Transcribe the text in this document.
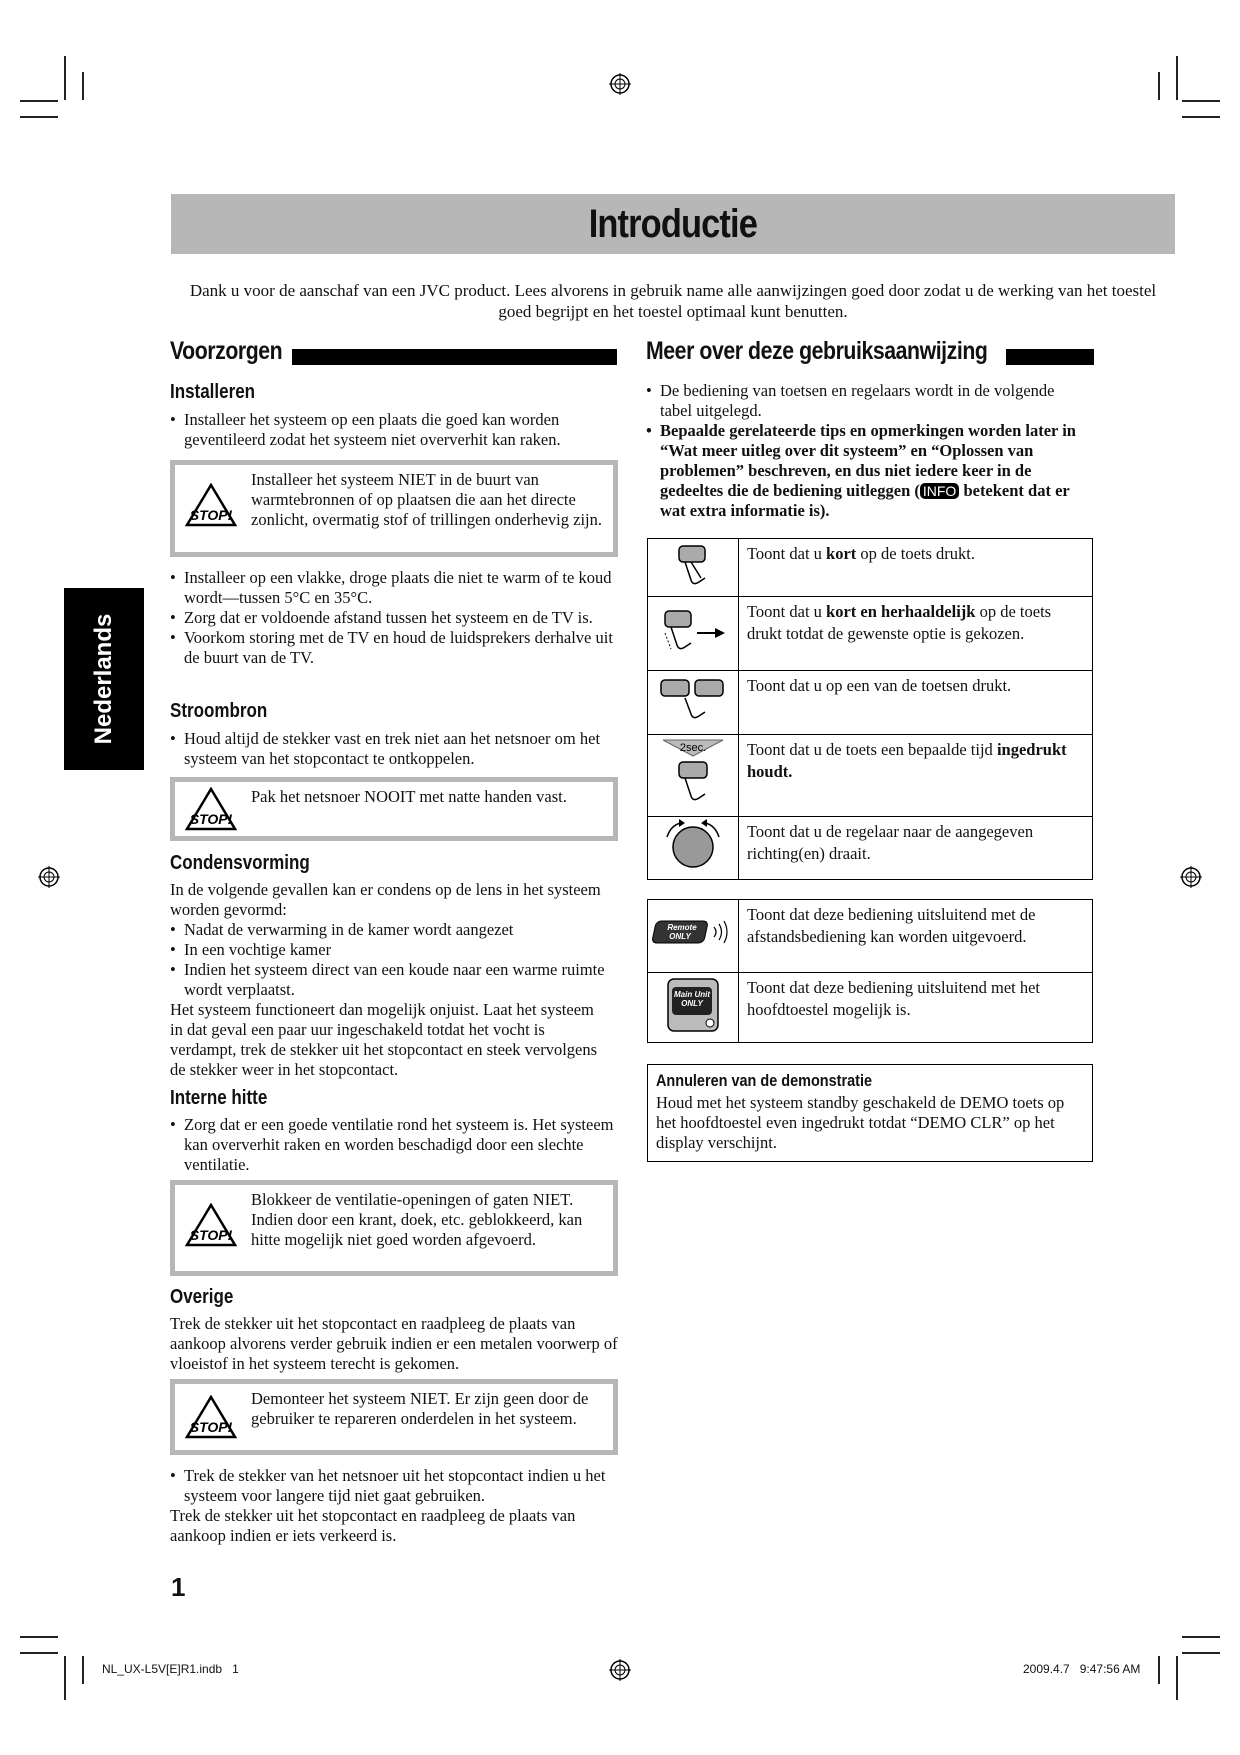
Introductie
Dank u voor de aanschaf van een JVC product. Lees alvorens in gebruik name alle aanwijzingen goed door zodat u de werking van het toestel goed begrijpt en het toestel optimaal kunt benutten.
Nederlands
Voorzorgen
Installeren
• Installeer het systeem op een plaats die goed kan worden geventileerd zodat het systeem niet oververhit kan raken.
STOP!
Installeer het systeem NIET in de buurt van warmtebronnen of op plaatsen die aan het directe zonlicht, overmatig stof of trillingen onderhevig zijn.
• Installeer op een vlakke, droge plaats die niet te warm of te koud wordt—tussen 5°C en 35°C.
• Zorg dat er voldoende afstand tussen het systeem en de TV is.
• Voorkom storing met de TV en houd de luidsprekers derhalve uit de buurt van de TV.
Stroombron
• Houd altijd de stekker vast en trek niet aan het netsnoer om het systeem van het stopcontact te ontkoppelen.
STOP!
Pak het netsnoer NOOIT met natte handen vast.
Condensvorming
In de volgende gevallen kan er condens op de lens in het systeem worden gevormd:
• Nadat de verwarming in de kamer wordt aangezet
• In een vochtige kamer
• Indien het systeem direct van een koude naar een warme ruimte wordt verplaatst.
Het systeem functioneert dan mogelijk onjuist. Laat het systeem in dat geval een paar uur ingeschakeld totdat het vocht is verdampt, trek de stekker uit het stopcontact en steek vervolgens de stekker weer in het stopcontact.
Interne hitte
• Zorg dat er een goede ventilatie rond het systeem is. Het systeem kan oververhit raken en worden beschadigd door een slechte ventilatie.
STOP!
Blokkeer de ventilatie-openingen of gaten NIET. Indien door een krant, doek, etc. geblokkeerd, kan hitte mogelijk niet goed worden afgevoerd.
Overige
Trek de stekker uit het stopcontact en raadpleeg de plaats van aankoop alvorens verder gebruik indien er een metalen voorwerp of vloeistof in het systeem terecht is gekomen.
STOP!
Demonteer het systeem NIET. Er zijn geen door de gebruiker te repareren onderdelen in het systeem.
• Trek de stekker van het netsnoer uit het stopcontact indien u het systeem voor langere tijd niet gaat gebruiken.
Trek de stekker uit het stopcontact en raadpleeg de plaats van aankoop indien er iets verkeerd is.
Meer over deze gebruiksaanwijzing
• De bediening van toetsen en regelaars wordt in de volgende tabel uitgelegd.
• Bepaalde gerelateerde tips en opmerkingen worden later in “Wat meer uitleg over dit systeem” en “Oplossen van problemen” beschreven, en dus niet iedere keer in de gedeeltes die de bediening uitleggen ( INFO betekent dat er wat extra informatie is).
	Toont dat u kort op de toets drukt.
	Toont dat u kort en herhaaldelijk op de toets drukt totdat de gewenste optie is gekozen.
	Toont dat u op een van de toetsen drukt.

2sec.	Toont dat u de toets een bepaalde tijd ingedrukt houdt.
	Toont dat u de regelaar naar de aangegeven richting(en) draait.
Remote
ONLY	Toont dat deze bediening uitsluitend met de afstandsbediening kan worden uitgevoerd.

Main Unit
ONLY	Toont dat deze bediening uitsluitend met het hoofdtoestel mogelijk is.
Annuleren van de demonstratie
Houd met het systeem standby geschakeld de DEMO toets op het hoofdtoestel even ingedrukt totdat “DEMO CLR” op het display verschijnt.
1
NL_UX-L5V[E]R1.indb   1	2009.4.7   9:47:56 AM
